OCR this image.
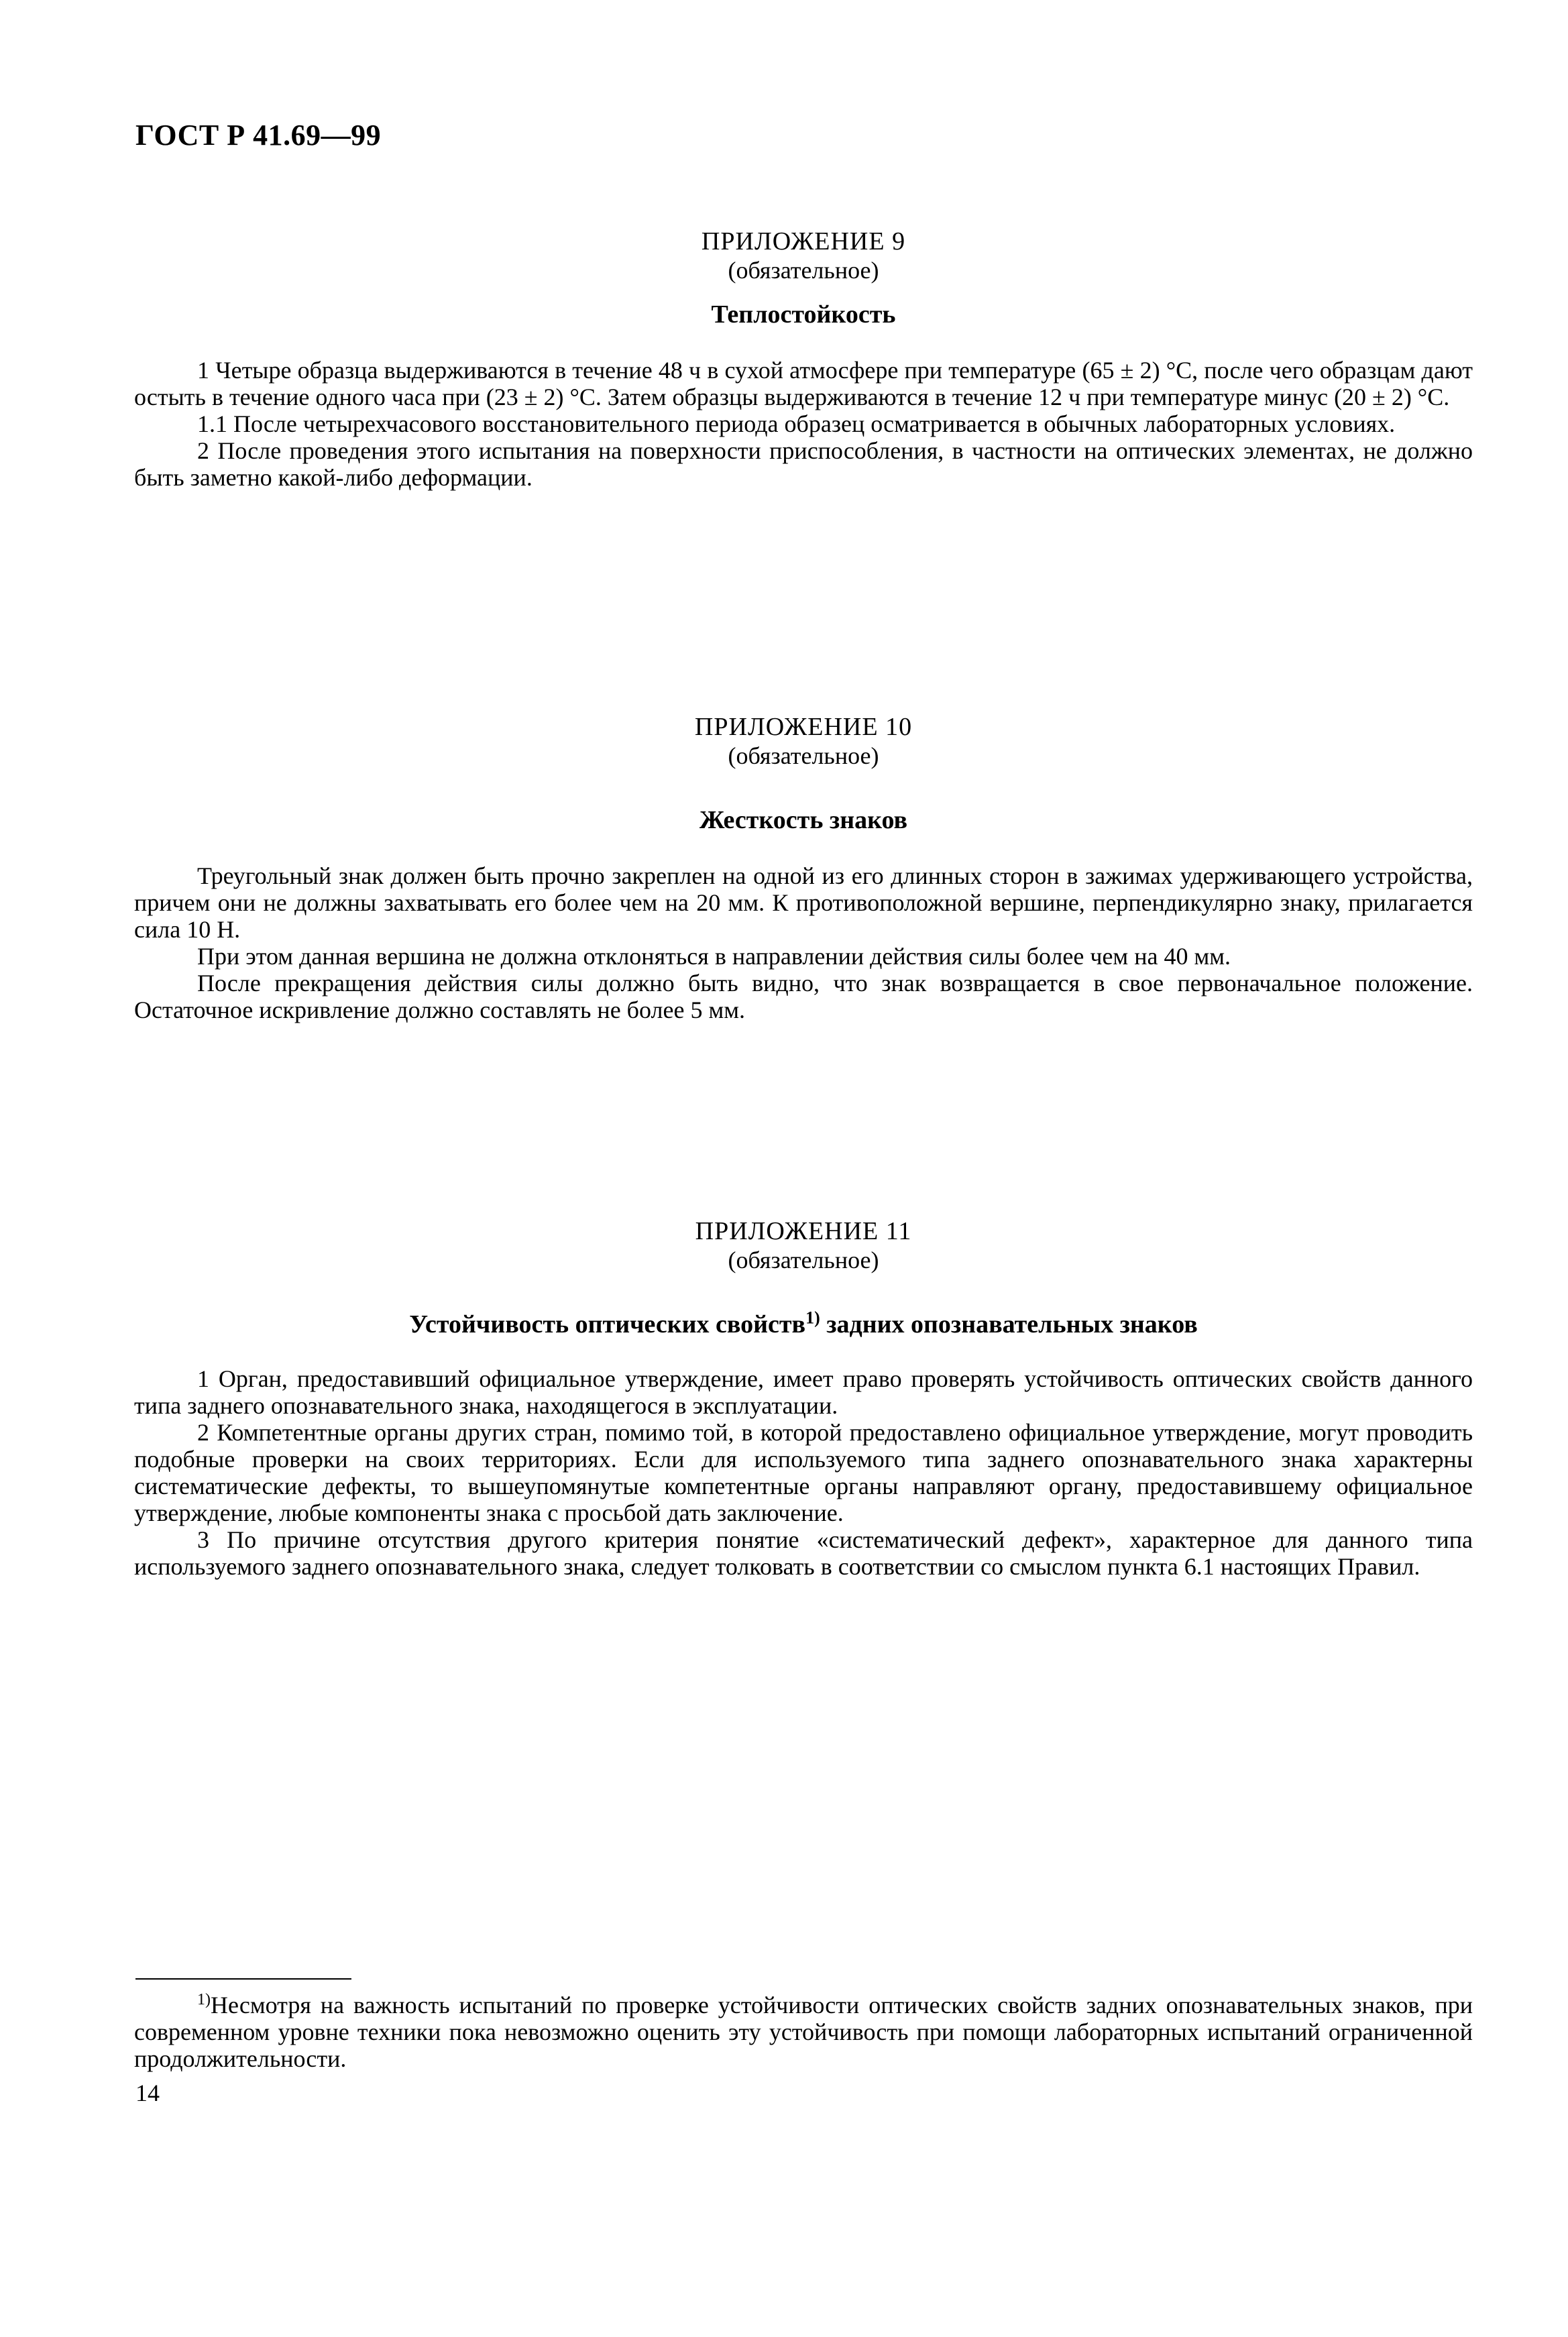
ГОСТ Р 41.69—99
ПРИЛОЖЕНИЕ 9
(обязательное)
Теплостойкость

1 Четыре образца выдерживаются в течение 48 ч в сухой атмосфере при температуре (65 ± 2) °С, после чего образцам дают остыть в течение одного часа при (23 ± 2) °С. Затем образцы выдерживаются в течение 12 ч при температуре минус (20 ± 2) °С.

1.1 После четырехчасового восстановительного периода образец осматривается в обычных лабораторных условиях.

2 После проведения этого испытания на поверхности приспособления, в частности на оптических элементах, не должно быть заметно какой-либо деформации.

ПРИЛОЖЕНИЕ 10
(обязательное)
Жесткость знаков

Треугольный знак должен быть прочно закреплен на одной из его длинных сторон в зажимах удерживающего устройства, причем они не должны захватывать его более чем на 20 мм. К противоположной вершине, перпендикулярно знаку, прилагается сила 10 Н.

При этом данная вершина не должна отклоняться в направлении действия силы более чем на 40 мм.

После прекращения действия силы должно быть видно, что знак возвращается в свое первоначальное положение. Остаточное искривление должно составлять не более 5 мм.

ПРИЛОЖЕНИЕ 11
(обязательное)
Устойчивость оптических свойств$^{1)}$ задних опознавательных знаков

1 Орган, предоставивший официальное утверждение, имеет право проверять устойчивость оптических свойств данного типа заднего опознавательного знака, находящегося в эксплуатации.

2 Компетентные органы других стран, помимо той, в которой предоставлено официальное утверждение, могут проводить подобные проверки на своих территориях. Если для используемого типа заднего опознавательного знака характерны систематические дефекты, то вышеупомянутые компетентные органы направляют органу, предоставившему официальное утверждение, любые компоненты знака с просьбой дать заключение.

3 По причине отсутствия другого критерия понятие «систематический дефект», характерное для данного типа используемого заднего опознавательного знака, следует толковать в соответствии со смыслом пункта 6.1 настоящих Правил.

$^{1)}$Несмотря на важность испытаний по проверке устойчивости оптических свойств задних опознавательных знаков, при современном уровне техники пока невозможно оценить эту устойчивость при помощи лабораторных испытаний ограниченной продолжительности.

14
